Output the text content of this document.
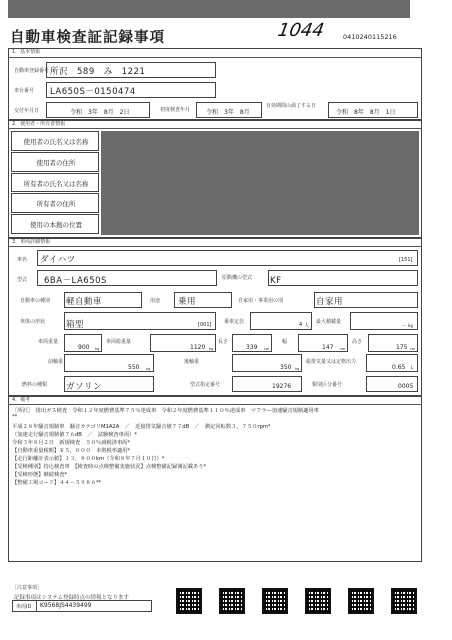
1044	0410240115216
自動車検査証記録事項
1．基本情報
自動車登録番号 所沢　589　み　1221
車台番号 LA650S－0150474
交付年月日	令和　3年　8月　2日	初度検査年月	令和　3年　8月
有効期間の満了する日
令和　8年　8月　1日
2．使用者・所有者情報
使用者の氏名又は名称
使用者の住所
所有者の氏名又は名称
所有者の住所
使用の本拠の位置
3．車両詳細情報
車名 ダイハツ	[151]
型式 6BA－LA650S	原動機の型式 KF
自動車の種別 軽自動車	用途 乗用	自家用・事業用の別	自家用
車体の形状 箱型	[001]	乗車定員	4 人
最大積載量
－ kg
車両重量
900 kg
車両総重量
1120 kg
長さ
339 cm
幅
147 cm
高さ
175 cm
前軸重
550 kg
後軸重
350 kg
総排気量又は定格出力
0.65 L
燃料の種類 ガソリン	型式指定番号	19276	類別区分番号	0005
4．備考
［所沢］　排出ガス検査　令和１２年度燃費基準７５％達成車　令和２年度燃費基準１１０％達成車　マフラー加速騒音規制適用車
**
平成２８年騒音規制車　騒音カテゴリM1A2A　／　近接排気騒音値７７dB　／　測定回転数３，７５０rpm*
（加速走行騒音規制値７６dB　／　試験検査車両）*
令和３年８月２日　新規検査　５０％減税済車両*
【自動車重量税額】￥５，０００　本則税率適用*
【走行距離計表示値】１３，８００km（令和８年７月１０日）*
【受検種別】持込検査車　【検査時の点検整備実施状況】点検整備記録簿記載あり*
【受検形態】継続検査*
【整備工場コード】４４－５９８６**
［注意事項］
記録事項はシステム登録時点の情報となります
車両ID K9568JS4439499
